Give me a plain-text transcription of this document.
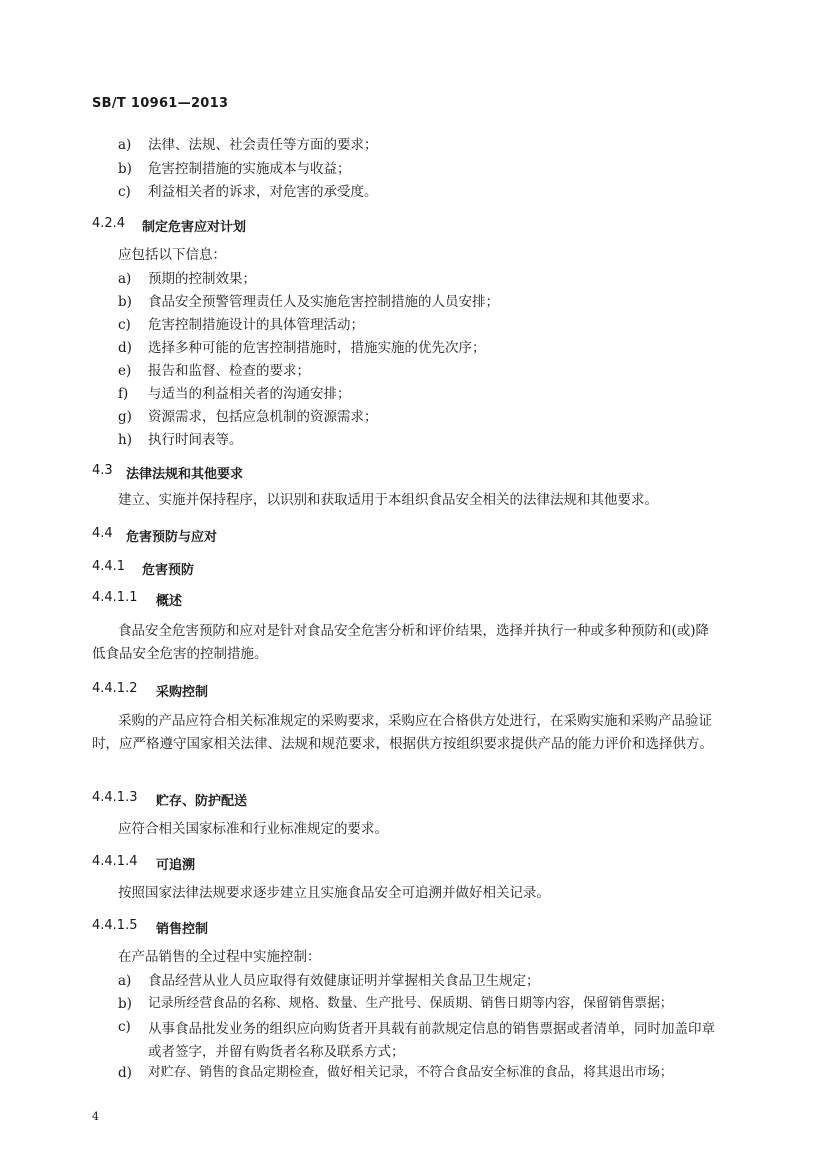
SB/T 10961—2013
a) 法律、法规、社会责任等方面的要求；
b) 危害控制措施的实施成本与收益；
c) 利益相关者的诉求，对危害的承受度。
4.2.4 制定危害应对计划
应包括以下信息：
a) 预期的控制效果；
b) 食品安全预警管理责任人及实施危害控制措施的人员安排；
c) 危害控制措施设计的具体管理活动；
d) 选择多种可能的危害控制措施时，措施实施的优先次序；
e) 报告和监督、检查的要求；
f) 与适当的利益相关者的沟通安排；
g) 资源需求，包括应急机制的资源需求；
h) 执行时间表等。
4.3 法律法规和其他要求
建立、实施并保持程序，以识别和获取适用于本组织食品安全相关的法律法规和其他要求。
4.4 危害预防与应对
4.4.1 危害预防
4.4.1.1 概述
食品安全危害预防和应对是针对食品安全危害分析和评价结果，选择并执行一种或多种预防和(或)降低食品安全危害的控制措施。
4.4.1.2 采购控制
采购的产品应符合相关标准规定的采购要求，采购应在合格供方处进行，在采购实施和采购产品验证时，应严格遵守国家相关法律、法规和规范要求，根据供方按组织要求提供产品的能力评价和选择供方。
4.4.1.3 贮存、防护配送
应符合相关国家标准和行业标准规定的要求。
4.4.1.4 可追溯
按照国家法律法规要求逐步建立且实施食品安全可追溯并做好相关记录。
4.4.1.5 销售控制
在产品销售的全过程中实施控制：
a) 食品经营从业人员应取得有效健康证明并掌握相关食品卫生规定；
b) 记录所经营食品的名称、规格、数量、生产批号、保质期、销售日期等内容，保留销售票据；
c) 从事食品批发业务的组织应向购货者开具载有前款规定信息的销售票据或者清单，同时加盖印章或者签字，并留有购货者名称及联系方式；
d) 对贮存、销售的食品定期检查，做好相关记录，不符合食品安全标准的食品，将其退出市场；
4
